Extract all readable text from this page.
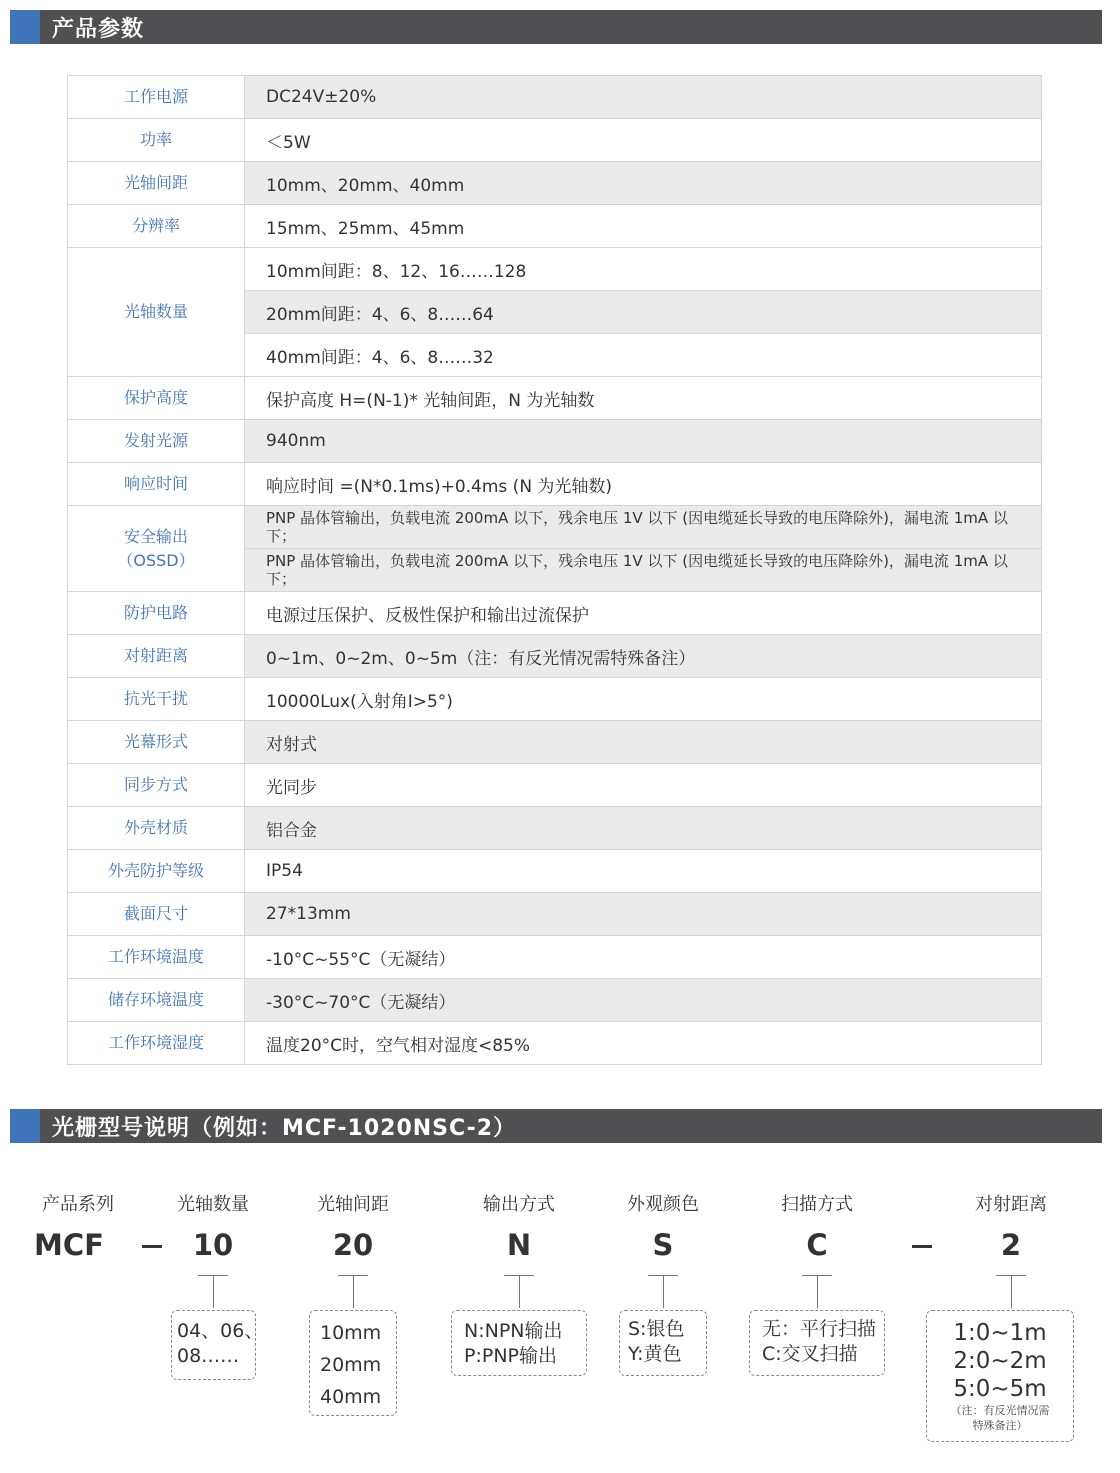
产品参数
工作电源	DC24V±20%
功率	＜5W
光轴间距	10mm、20mm、40mm
分辨率	15mm、25mm、45mm
光轴数量	10mm间距：8、12、16……128
	20mm间距：4、6、8……64
	40mm间距：4、6、8……32
保护高度	保护高度 H=(N-1)* 光轴间距，N 为光轴数
发射光源	940nm
响应时间	响应时间 =(N*0.1ms)+0.4ms (N 为光轴数)

安全输出
（OSSD）	PNP 晶体管输出，负载电流 200mA 以下，残余电压 1V 以下 (因电缆延长导致的电压降除外)，漏电流 1mA 以下；
	PNP 晶体管输出，负载电流 200mA 以下，残余电压 1V 以下 (因电缆延长导致的电压降除外)，漏电流 1mA 以下；
防护电路	电源过压保护、反极性保护和输出过流保护
对射距离	0~1m、0~2m、0~5m（注：有反光情况需特殊备注）
抗光干扰	10000Lux(入射角I>5°)
光幕形式	对射式
同步方式	光同步
外壳材质	铝合金
外壳防护等级	IP54
截面尺寸	27*13mm
工作环境温度	-10°C~55°C（无凝结）
储存环境温度	-30°C~70°C（无凝结）
工作环境湿度	温度20°C时，空气相对湿度<85%
光栅型号说明（例如：MCF-1020NSC-2）
产品系列	光轴数量	光轴间距	输出方式	外观颜色	扫描方式	对射距离
MCF	10	20	N	S	C	2
04、06、
08……
10mm
20mm
40mm
N:NPN输出
P:PNP输出
S:银色
Y:黄色
无：平行扫描
C:交叉扫描
1:0~1m
2:0~2m
5:0~5m
（注：有反光情况需
特殊备注）
